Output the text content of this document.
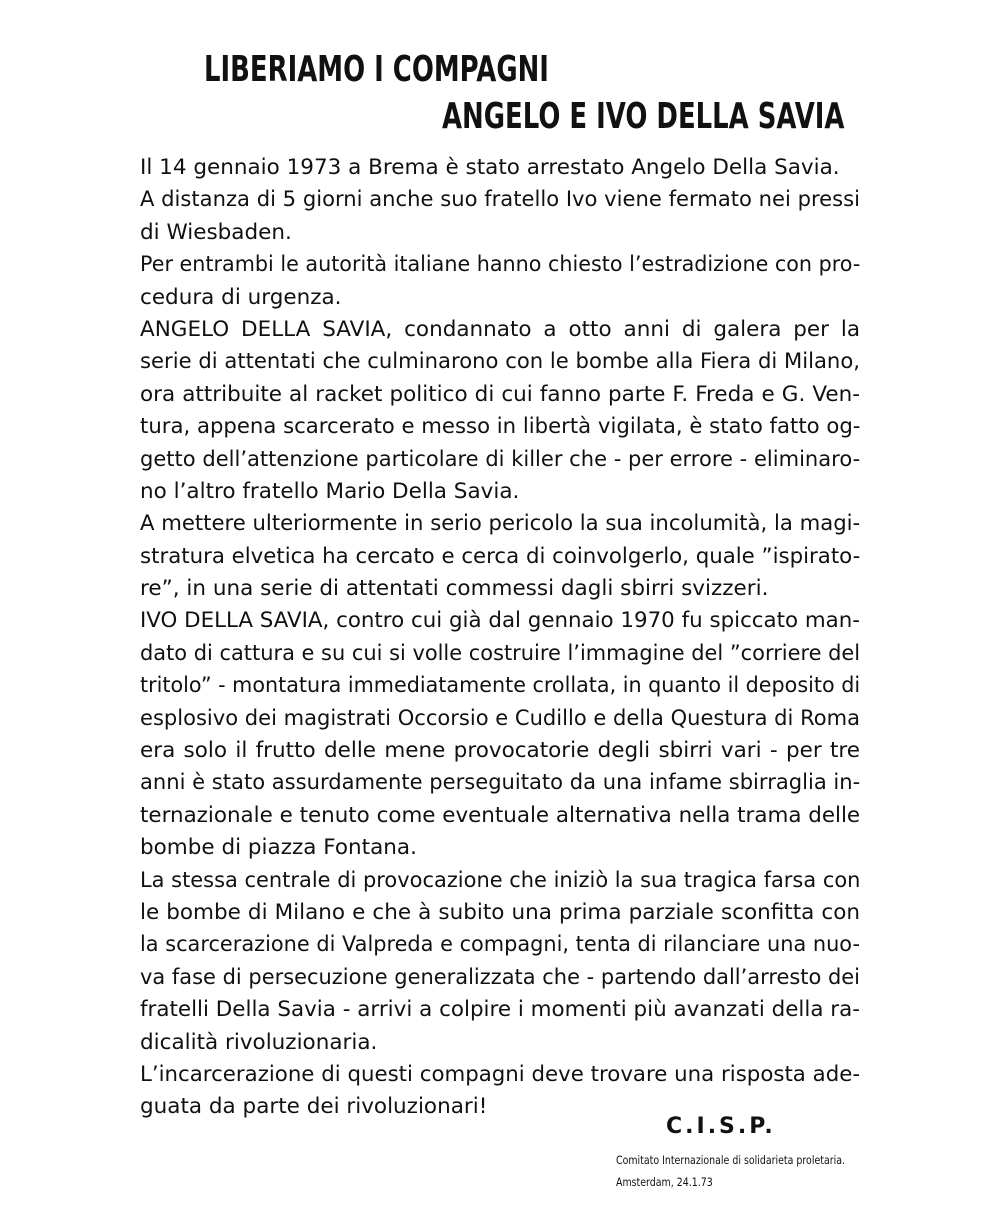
LIBERIAMO I COMPAGNI
ANGELO E IVO DELLA SAVIA
Il 14 gennaio 1973 a Brema è stato arrestato Angelo Della Savia.
A distanza di 5 giorni anche suo fratello Ivo viene fermato nei pressi
di Wiesbaden.
Per entrambi le autorità italiane hanno chiesto l’estradizione con pro-
cedura di urgenza.
ANGELO DELLA SAVIA, condannato a otto anni di galera per la
serie di attentati che culminarono con le bombe alla Fiera di Milano,
ora attribuite al racket politico di cui fanno parte F. Freda e G. Ven-
tura, appena scarcerato e messo in libertà vigilata, è stato fatto og-
getto dell’attenzione particolare di killer che - per errore - eliminaro-
no l’altro fratello Mario Della Savia.
A mettere ulteriormente in serio pericolo la sua incolumità, la magi-
stratura elvetica ha cercato e cerca di coinvolgerlo, quale ”ispirato-
re”, in una serie di attentati commessi dagli sbirri svizzeri.
IVO DELLA SAVIA, contro cui già dal gennaio 1970 fu spiccato man-
dato di cattura e su cui si volle costruire l’immagine del ”corriere del
tritolo” - montatura immediatamente crollata, in quanto il deposito di
esplosivo dei magistrati Occorsio e Cudillo e della Questura di Roma
era solo il frutto delle mene provocatorie degli sbirri vari - per tre
anni è stato assurdamente perseguitato da una infame sbirraglia in-
ternazionale e tenuto come eventuale alternativa nella trama delle
bombe di piazza Fontana.
La stessa centrale di provocazione che iniziò la sua tragica farsa con
le bombe di Milano e che à subito una prima parziale sconfitta con
la scarcerazione di Valpreda e compagni, tenta di rilanciare una nuo-
va fase di persecuzione generalizzata che - partendo dall’arresto dei
fratelli Della Savia - arrivi a colpire i momenti più avanzati della ra-
dicalità rivoluzionaria.
L’incarcerazione di questi compagni deve trovare una risposta ade-
guata da parte dei rivoluzionari!
C.I.S.P.
Comitato Internazionale di solidarieta proletaria.
Amsterdam, 24.1.73
